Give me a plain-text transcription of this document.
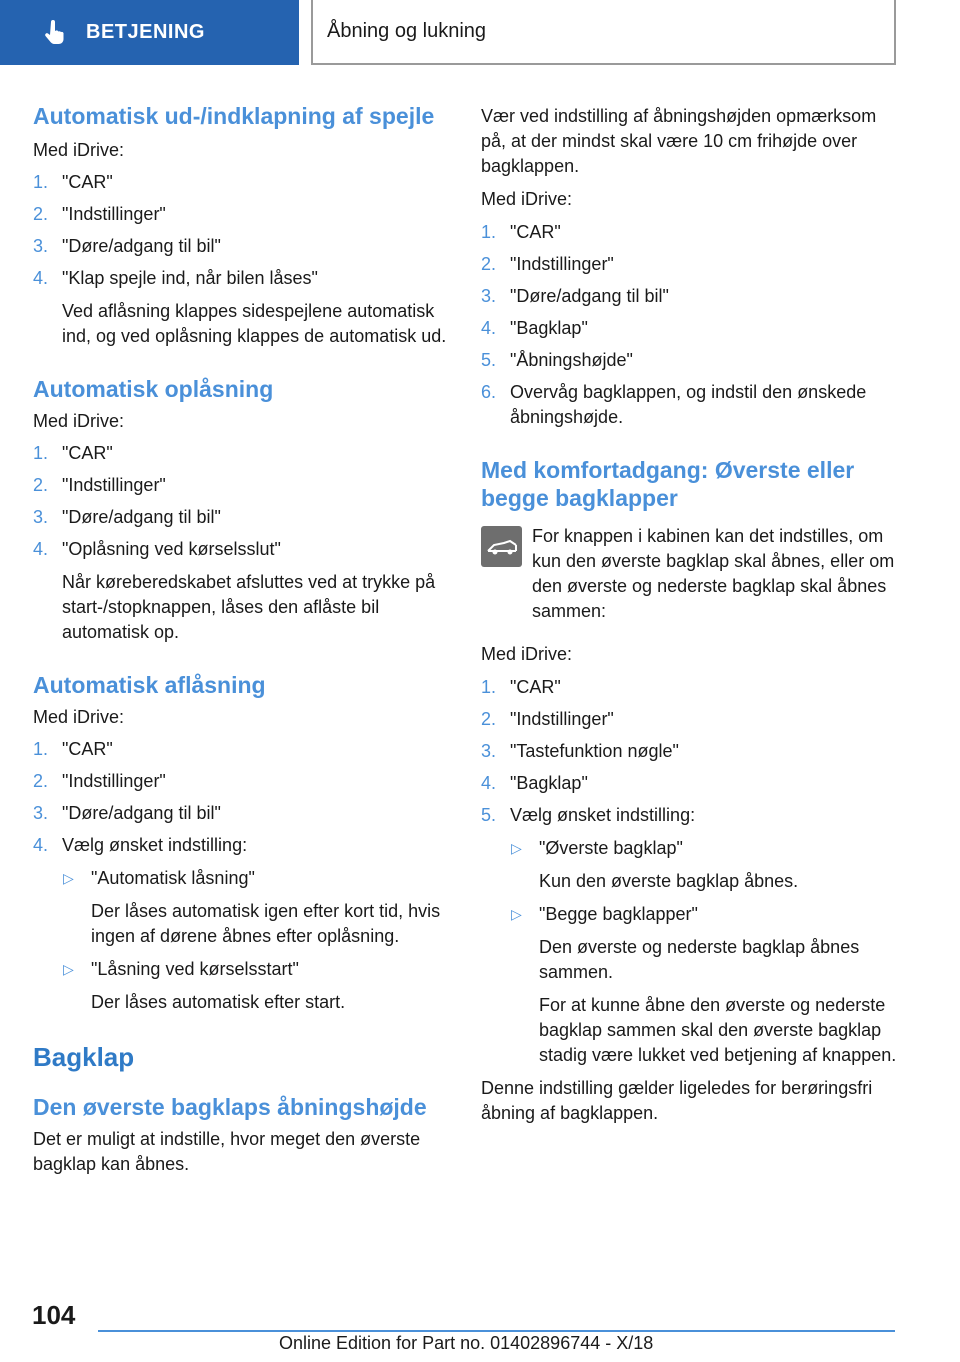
BETJENING	Åbning og lukning
Automatisk ud-/indklapning af spejle

Med iDrive:

1. "CAR"
2. "Indstillinger"
3. "Døre/adgang til bil"
4. "Klap spejle ind, når bilen låses"
Ved aflåsning klappes sidespejlene automatisk ind, og ved oplåsning klappes de automatisk ud.
Automatisk oplåsning

Med iDrive:

1. "CAR"
2. "Indstillinger"
3. "Døre/adgang til bil"
4. "Oplåsning ved kørselsslut"
Når køreberedskabet afsluttes ved at trykke på start-/stopknappen, låses den aflåste bil automatisk op.
Automatisk aflåsning

Med iDrive:

1. "CAR"
2. "Indstillinger"
3. "Døre/adgang til bil"
4. Vælg ønsket indstilling:
▷ "Automatisk låsning"
Der låses automatisk igen efter kort tid, hvis ingen af dørene åbnes efter oplåsning.
▷ "Låsning ved kørselsstart"
Der låses automatisk efter start.
Bagklap
Den øverste bagklaps åbningshøjde

Det er muligt at indstille, hvor meget den øverste bagklap kan åbnes.

Vær ved indstilling af åbningshøjden opmærksom på, at der mindst skal være 10 cm frihøjde over bagklappen.

Med iDrive:

1. "CAR"
2. "Indstillinger"
3. "Døre/adgang til bil"
4. "Bagklap"
5. "Åbningshøjde"
6. Overvåg bagklappen, og indstil den ønskede åbningshøjde.
Med komfortadgang: Øverste eller begge bagklapper

For knappen i kabinen kan det indstilles, om kun den øverste bagklap skal åbnes, eller om den øverste og nederste bagklap skal åbnes sammen:

Med iDrive:

1. "CAR"
2. "Indstillinger"
3. "Tastefunktion nøgle"
4. "Bagklap"
5. Vælg ønsket indstilling:
▷ "Øverste bagklap"
Kun den øverste bagklap åbnes.
▷ "Begge bagklapper"
Den øverste og nederste bagklap åbnes sammen.
For at kunne åbne den øverste og nederste bagklap sammen skal den øverste bagklap stadig være lukket ved betjening af knappen.

Denne indstilling gælder ligeledes for berøringsfri åbning af bagklappen.

104
Online Edition for Part no. 01402896744 - X/18
